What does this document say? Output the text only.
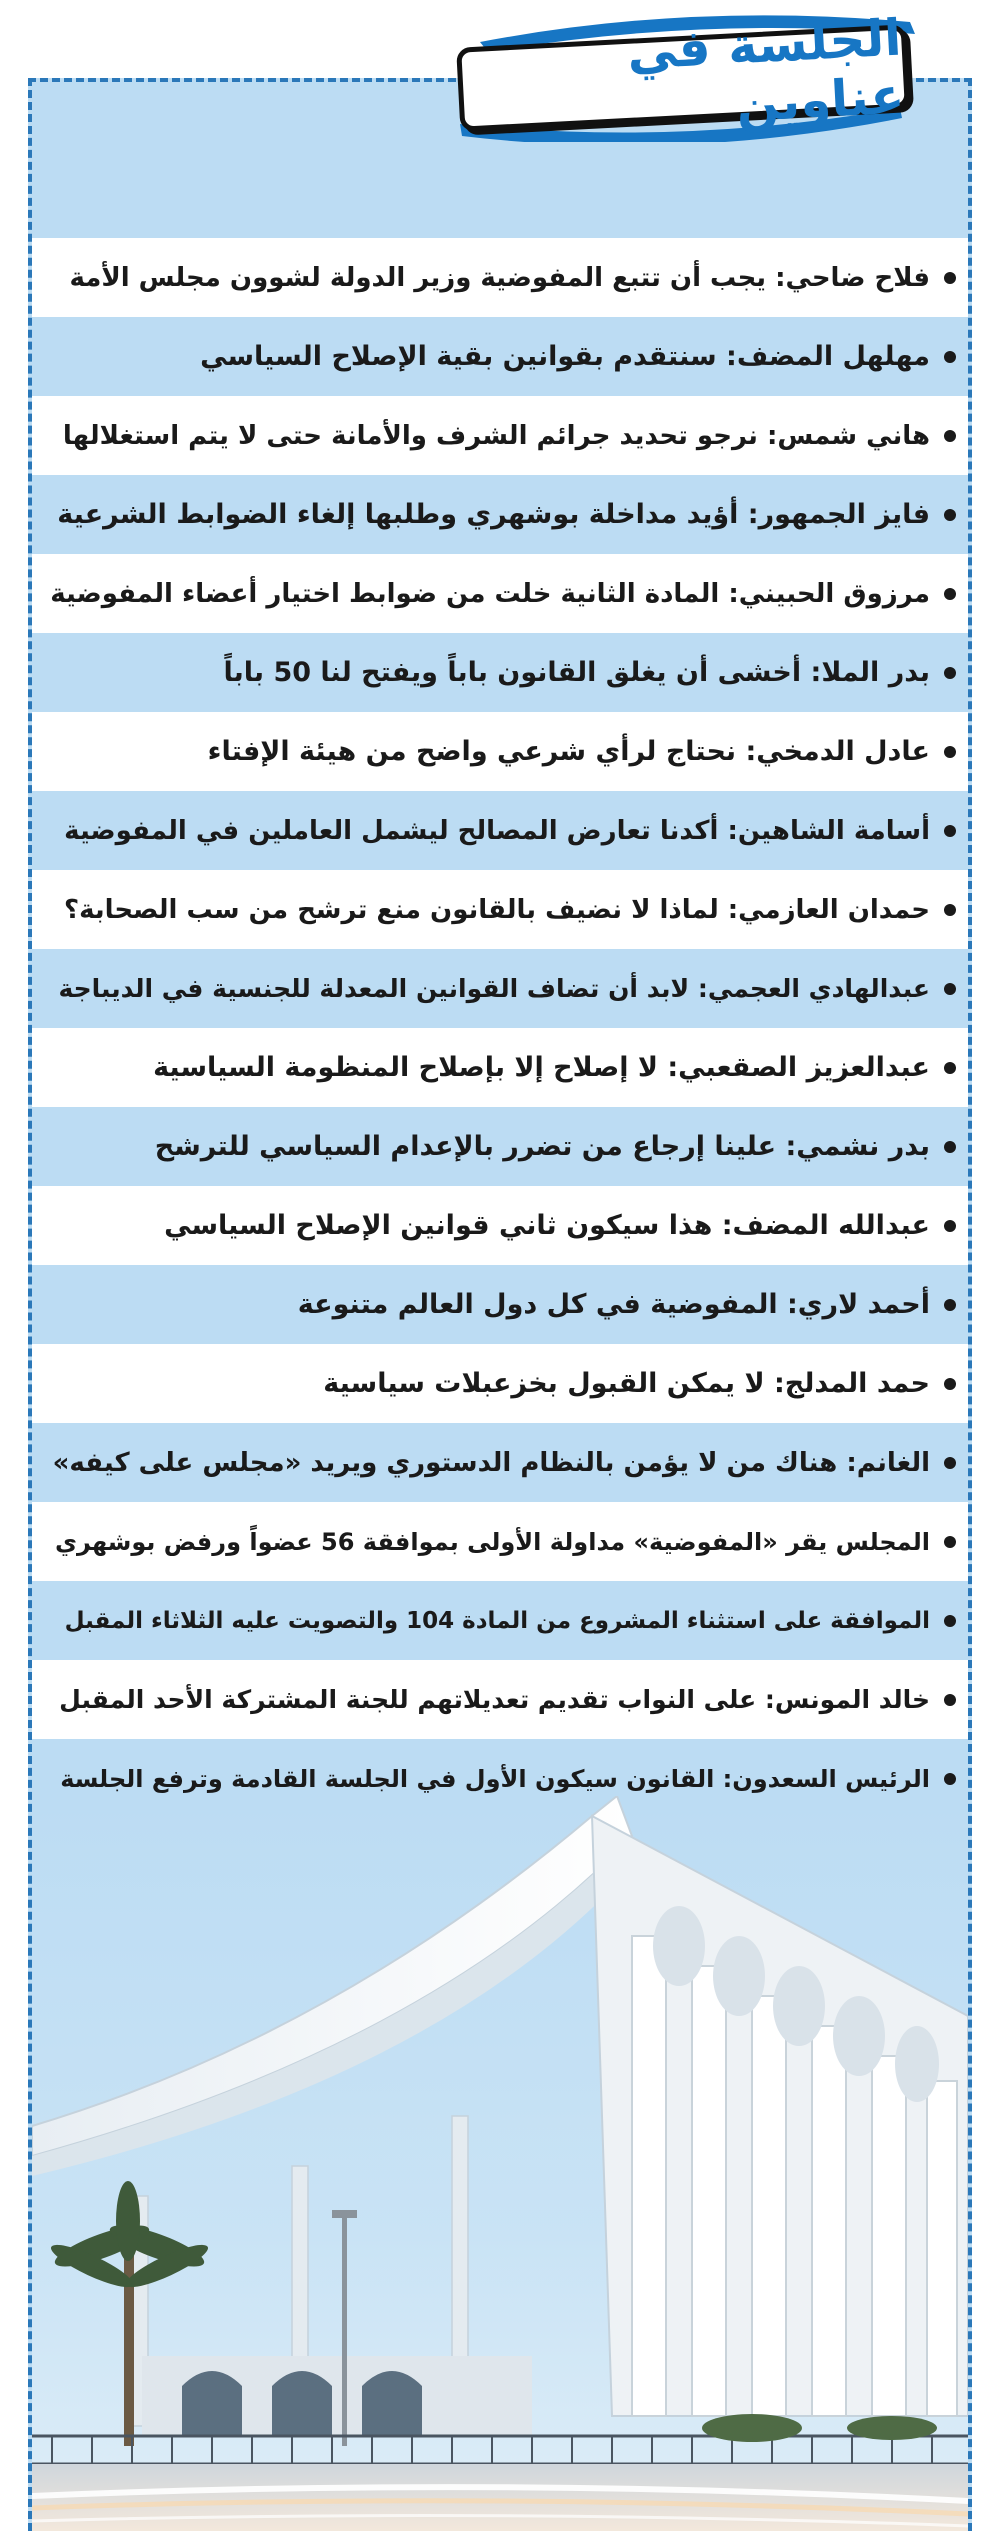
الجلسة في عناوين
فلاح ضاحي: يجب أن تتبع المفوضية وزير الدولة لشوون مجلس الأمة
مهلهل المضف: سنتقدم بقوانين بقية الإصلاح السياسي
هاني شمس: نرجو تحديد جرائم الشرف والأمانة حتى لا يتم استغلالها
فايز الجمهور: أؤيد مداخلة بوشهري وطلبها إلغاء الضوابط الشرعية
مرزوق الحبيني: المادة الثانية خلت من ضوابط اختيار أعضاء المفوضية
بدر الملا: أخشى أن يغلق القانون باباً ويفتح لنا 50 باباً
عادل الدمخي: نحتاج لرأي شرعي واضح من هيئة الإفتاء
أسامة الشاهين: أكدنا تعارض المصالح ليشمل العاملين في المفوضية
حمدان العازمي: لماذا لا نضيف بالقانون منع ترشح من سب الصحابة؟
عبدالهادي العجمي: لابد أن تضاف القوانين المعدلة للجنسية في الديباجة
عبدالعزيز الصقعبي: لا إصلاح إلا بإصلاح المنظومة السياسية
بدر نشمي: علينا إرجاع من تضرر بالإعدام السياسي للترشح
عبدالله المضف: هذا سيكون ثاني قوانين الإصلاح السياسي
أحمد لاري: المفوضية في كل دول العالم متنوعة
حمد المدلج: لا يمكن القبول بخزعبلات سياسية
الغانم: هناك من لا يؤمن بالنظام الدستوري ويريد «مجلس على كيفه»
المجلس يقر «المفوضية» مداولة الأولى بموافقة 56 عضواً ورفض بوشهري
الموافقة على استثناء المشروع من المادة 104 والتصويت عليه الثلاثاء المقبل
خالد المونس: على النواب تقديم تعديلاتهم للجنة المشتركة الأحد المقبل
الرئيس السعدون: القانون سيكون الأول في الجلسة القادمة وترفع الجلسة
